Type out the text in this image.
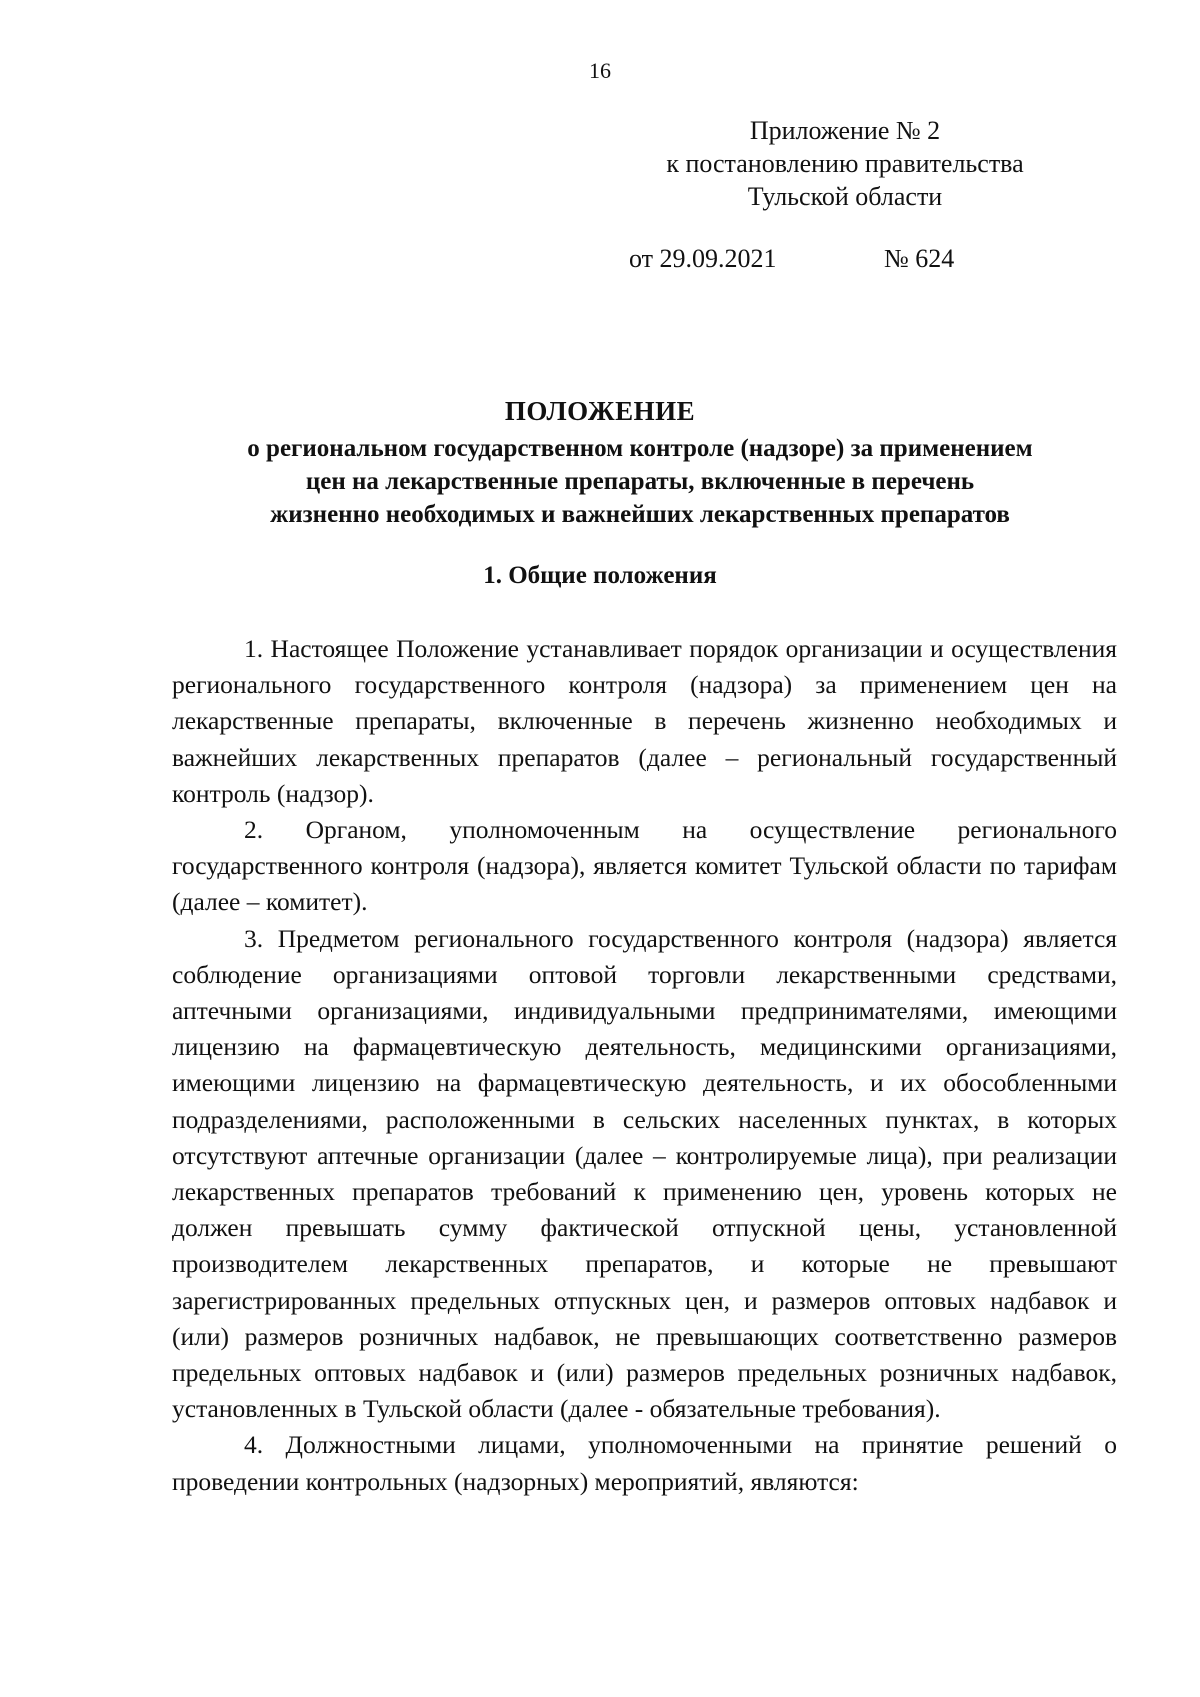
16
Приложение № 2
к постановлению правительства
Тульской области
от 29.09.2021	№ 624
ПОЛОЖЕНИЕ
о региональном государственном контроле (надзоре) за применением
цен на лекарственные препараты, включенные в перечень
жизненно необходимых и важнейших лекарственных препаратов
1. Общие положения

1. Настоящее Положение устанавливает порядок организации и осуществления регионального государственного контроля (надзора) за применением цен на лекарственные препараты, включенные в перечень жизненно необходимых и важнейших лекарственных препаратов (далее – региональный государственный контроль (надзор).

2. Органом, уполномоченным на осуществление регионального государственного контроля (надзора), является комитет Тульской области по тарифам (далее – комитет).

3. Предметом регионального государственного контроля (надзора) является соблюдение организациями оптовой торговли лекарственными средствами, аптечными организациями, индивидуальными предпринимателями, имеющими лицензию на фармацевтическую деятельность, медицинскими организациями, имеющими лицензию на фармацевтическую деятельность, и их обособленными подразделениями, расположенными в сельских населенных пунктах, в которых отсутствуют аптечные организации (далее – контролируемые лица), при реализации лекарственных препаратов требований к применению цен, уровень которых не должен превышать сумму фактической отпускной цены, установленной производителем лекарственных препаратов, и которые не превышают зарегистрированных предельных отпускных цен, и размеров оптовых надбавок и (или) размеров розничных надбавок, не превышающих соответственно размеров предельных оптовых надбавок и (или) размеров предельных розничных надбавок, установленных в Тульской области (далее - обязательные требования).

4. Должностными лицами, уполномоченными на принятие решений о проведении контрольных (надзорных) мероприятий, являются:
